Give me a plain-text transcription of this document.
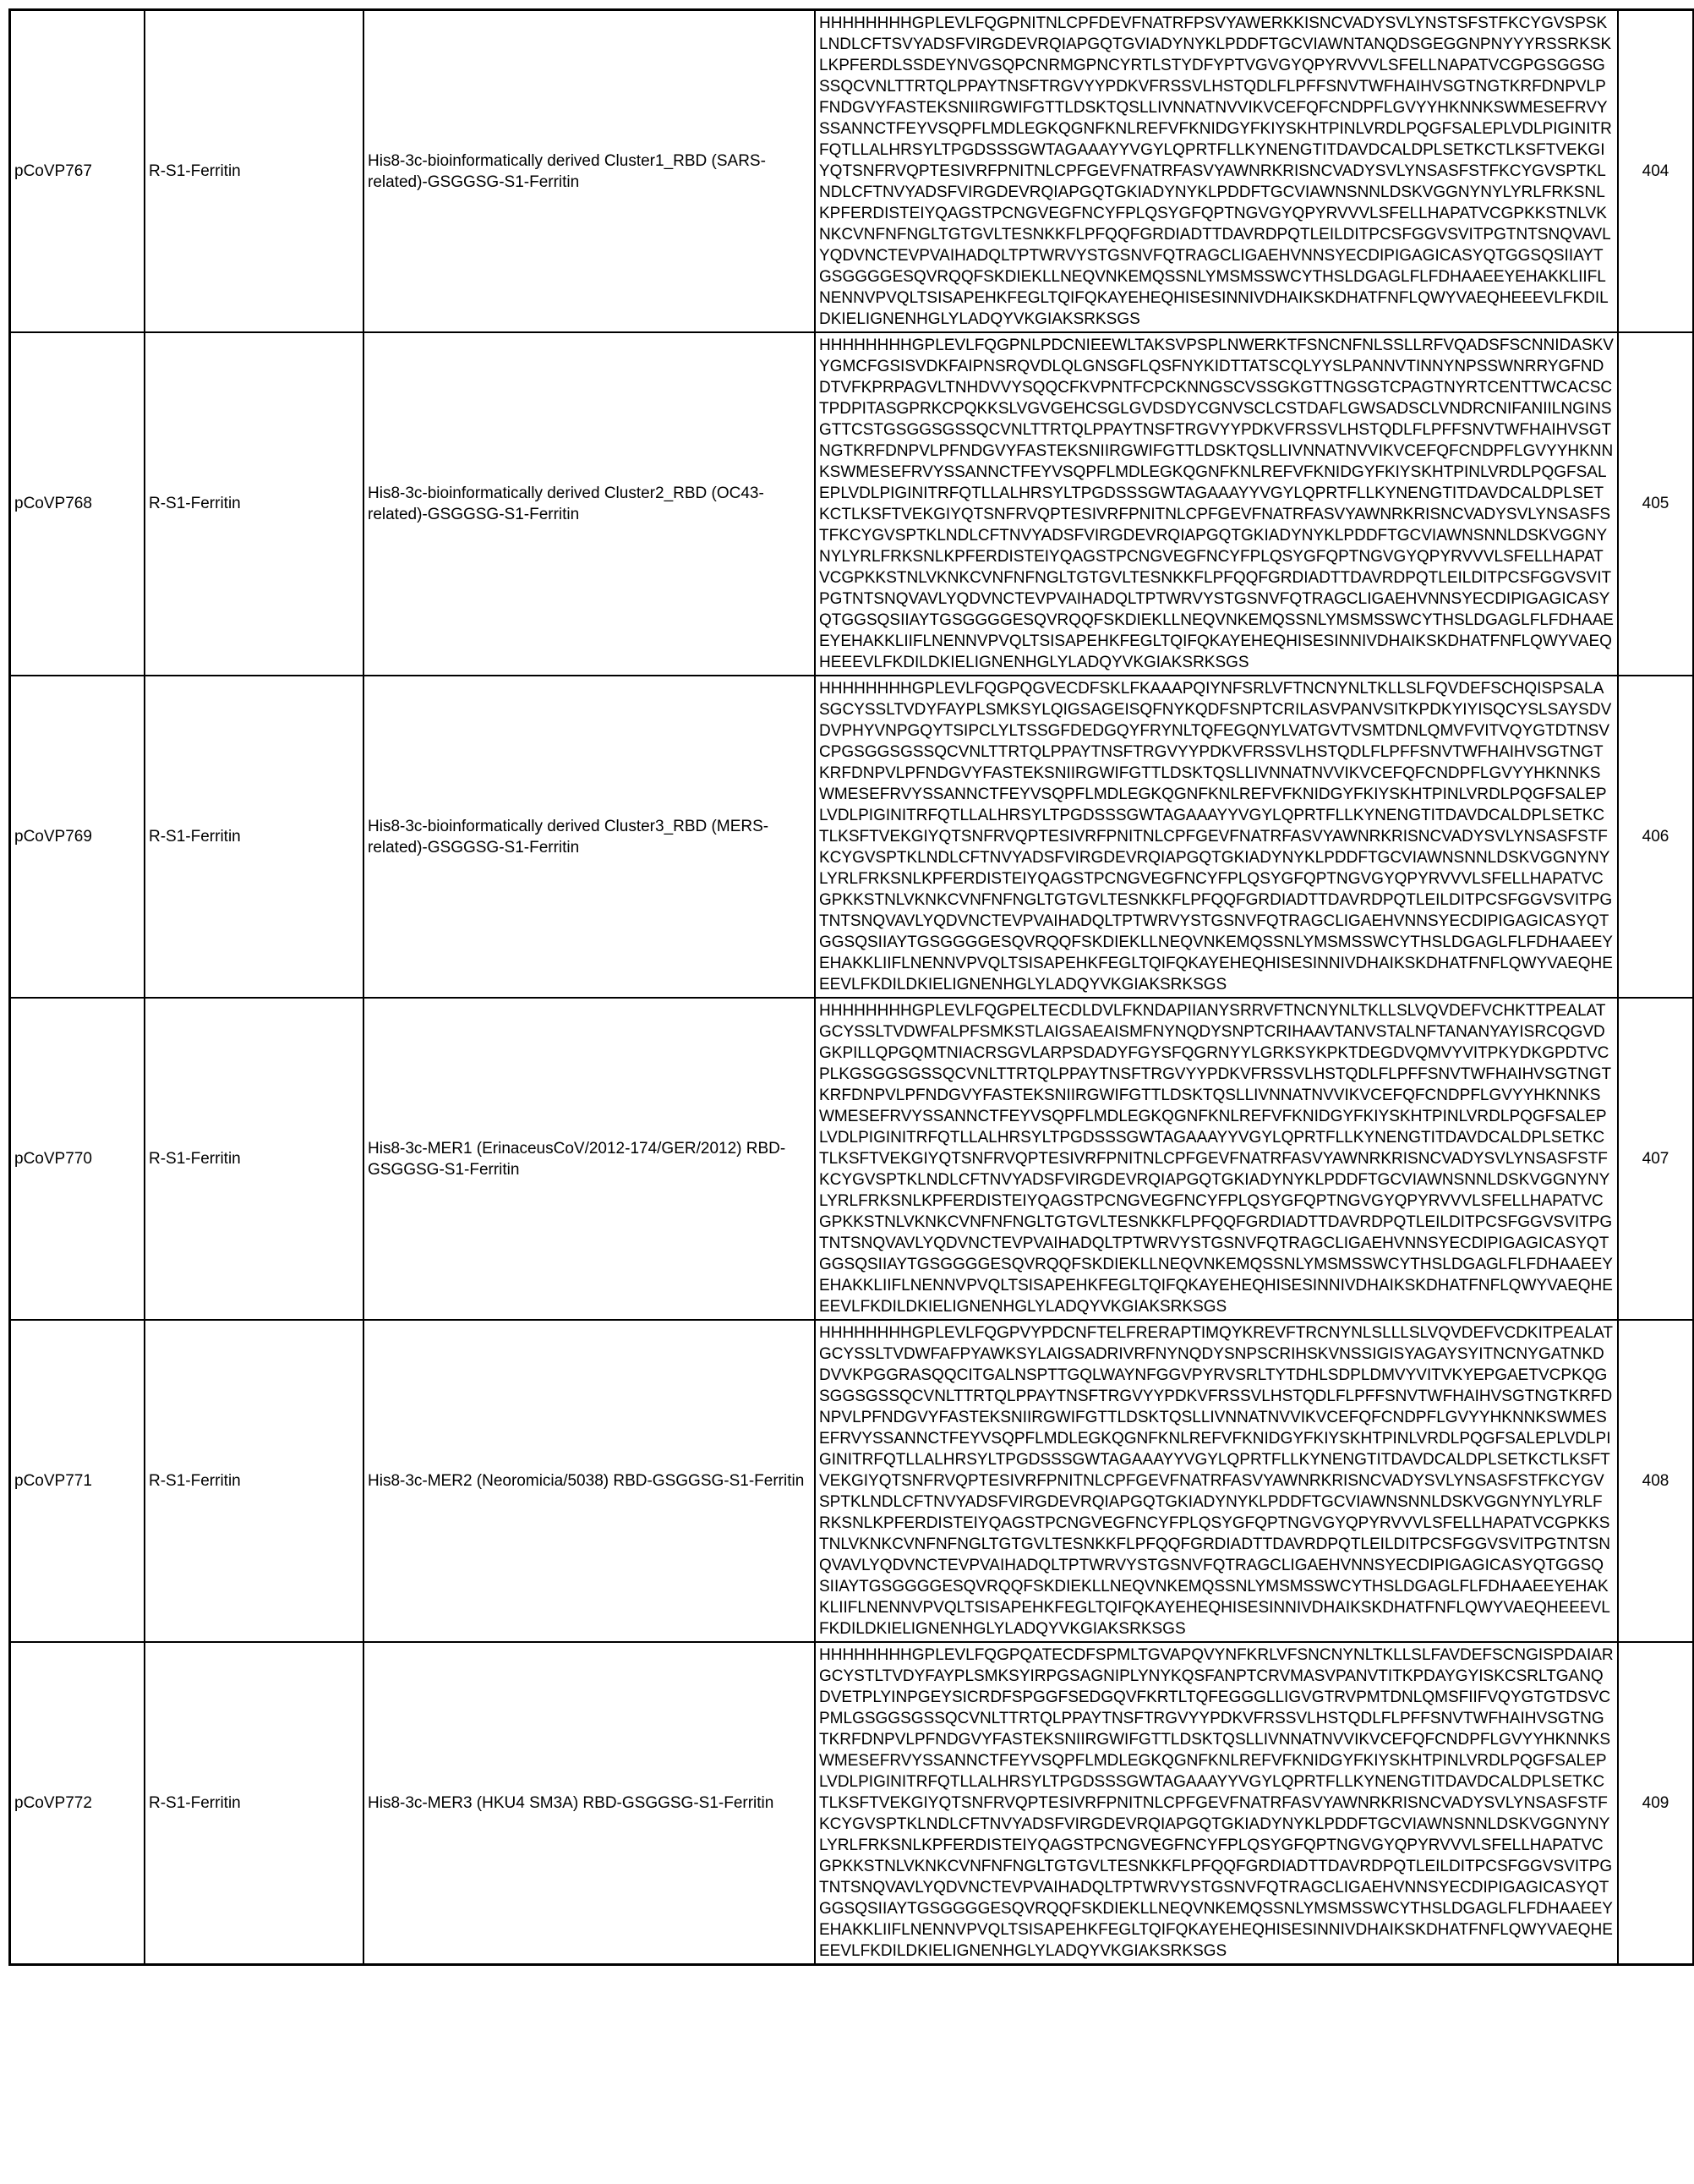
pCoVP767	R-S1-Ferritin	His8-3c-bioinformatically derived Cluster1_RBD (SARS-related)-GSGGSG-S1-Ferritin	HHHHHHHHGPLEVLFQGPNITNLCPFDEVFNATRFPSVYAWERKKISNCVADYSVLYNSTSFSTFKCYGVSPSKLNDLCFTSVYADSFVIRGDEVRQIAPGQTGVIADYNYKLPDDFTGCVIAWNTANQDSGEGGNPNYYYRSSRKSKLKPFERDLSSDEYNVGSQPCNRMGPNCYRTLSTYDFYPTVGVGYQPYRVVVLSFELLNAPATVCGPGSGGSGSSQCVNLTTRTQLPPAYTNSFTRGVYYPDKVFRSSVLHSTQDLFLPFFSNVTWFHAIHVSGTNGTKRFDNPVLPFNDGVYFASTEKSNIIRGWIFGTTLDSKTQSLLIVNNATNVVIKVCEFQFCNDPFLGVYYHKNNKSWMESEFRVYSSANNCTFEYVSQPFLMDLEGKQGNFKNLREFVFKNIDGYFKIYSKHTPINLVRDLPQGFSALEPLVDLPIGINITRFQTLLALHRSYLTPGDSSSGWTAGAAAYYVGYLQPRTFLLKYNENGTITDAVDCALDPLSETKCTLKSFTVEKGIYQTSNFRVQPTESIVRFPNITNLCPFGEVFNATRFASVYAWNRKRISNCVADYSVLYNSASFSTFKCYGVSPTKLNDLCFTNVYADSFVIRGDEVRQIAPGQTGKIADYNYKLPDDFTGCVIAWNSNNLDSKVGGNYNYLYRLFRKSNLKPFERDISTEIYQAGSTPCNGVEGFNCYFPLQSYGFQPTNGVGYQPYRVVVLSFELLHAPATVCGPKKSTNLVKNKCVNFNFNGLTGTGVLTESNKKFLPFQQFGRDIADTTDAVRDPQTLEILDITPCSFGGVSVITPGTNTSNQVAVLYQDVNCTEVPVAIHADQLTPTWRVYSTGSNVFQTRAGCLIGAEHVNNSYECDIPIGAGICASYQTGGSQSIIAYTGSGGGGESQVRQQFSKDIEKLLNEQVNKEMQSSNLYMSMSSWCYTHSLDGAGLFLFDHAAEEYEHAKKLIIFLNENNVPVQLTSISAPEHKFEGLTQIFQKAYEHEQHISESINNIVDHAIKSKDHATFNFLQWYVAEQHEEEVLFKDILDKIELIGNENHGLYLADQYVKGIAKSRKSGS	404
pCoVP768	R-S1-Ferritin	His8-3c-bioinformatically derived Cluster2_RBD (OC43-related)-GSGGSG-S1-Ferritin	HHHHHHHHGPLEVLFQGPNLPDCNIEEWLTAKSVPSPLNWERKTFSNCNFNLSSLLRFVQADSFSCNNIDASKVYGMCFGSISVDKFAIPNSRQVDLQLGNSGFLQSFNYKIDTTATSCQLYYSLPANNVTINNYNPSSWNRRYGFNDDTVFKPRPAGVLTNHDVVYSQQCFKVPNTFCPCKNNGSCVSSGKGTTNGSGTCPAGTNYRTCENTTWCACSCTPDPITASGPRKCPQKKSLVGVGEHCSGLGVDSDYCGNVSCLCSTDAFLGWSADSCLVNDRCNIFANIILNGINSGTTCSTGSGGSGSSQCVNLTTRTQLPPAYTNSFTRGVYYPDKVFRSSVLHSTQDLFLPFFSNVTWFHAIHVSGTNGTKRFDNPVLPFNDGVYFASTEKSNIIRGWIFGTTLDSKTQSLLIVNNATNVVIKVCEFQFCNDPFLGVYYHKNNKSWMESEFRVYSSANNCTFEYVSQPFLMDLEGKQGNFKNLREFVFKNIDGYFKIYSKHTPINLVRDLPQGFSALEPLVDLPIGINITRFQTLLALHRSYLTPGDSSSGWTAGAAAYYVGYLQPRTFLLKYNENGTITDAVDCALDPLSETKCTLKSFTVEKGIYQTSNFRVQPTESIVRFPNITNLCPFGEVFNATRFASVYAWNRKRISNCVADYSVLYNSASFSTFKCYGVSPTKLNDLCFTNVYADSFVIRGDEVRQIAPGQTGKIADYNYKLPDDFTGCVIAWNSNNLDSKVGGNYNYLYRLFRKSNLKPFERDISTEIYQAGSTPCNGVEGFNCYFPLQSYGFQPTNGVGYQPYRVVVLSFELLHAPATVCGPKKSTNLVKNKCVNFNFNGLTGTGVLTESNKKFLPFQQFGRDIADTTDAVRDPQTLEILDITPCSFGGVSVITPGTNTSNQVAVLYQDVNCTEVPVAIHADQLTPTWRVYSTGSNVFQTRAGCLIGAEHVNNSYECDIPIGAGICASYQTGGSQSIIAYTGSGGGGESQVRQQFSKDIEKLLNEQVNKEMQSSNLYMSMSSWCYTHSLDGAGLFLFDHAAEEYEHAKKLIIFLNENNVPVQLTSISAPEHKFEGLTQIFQKAYEHEQHISESINNIVDHAIKSKDHATFNFLQWYVAEQHEEEVLFKDILDKIELIGNENHGLYLADQYVKGIAKSRKSGS	405
pCoVP769	R-S1-Ferritin	His8-3c-bioinformatically derived Cluster3_RBD (MERS-related)-GSGGSG-S1-Ferritin	HHHHHHHHGPLEVLFQGPQGVECDFSKLFKAAAPQIYNFSRLVFTNCNYNLTKLLSLFQVDEFSCHQISPSALASGCYSSLTVDYFAYPLSMKSYLQIGSAGEISQFNYKQDFSNPTCRILASVPANVSITKPDKYIYISQCYSLSAYSDVDVPHYVNPGQYTSIPCLYLTSSGFDEDGQYFRYNLTQFEGQNYLVATGVTVSMTDNLQMVFVITVQYGTDTNSVCPGSGGSGSSQCVNLTTRTQLPPAYTNSFTRGVYYPDKVFRSSVLHSTQDLFLPFFSNVTWFHAIHVSGTNGTKRFDNPVLPFNDGVYFASTEKSNIIRGWIFGTTLDSKTQSLLIVNNATNVVIKVCEFQFCNDPFLGVYYHKNNKSWMESEFRVYSSANNCTFEYVSQPFLMDLEGKQGNFKNLREFVFKNIDGYFKIYSKHTPINLVRDLPQGFSALEPLVDLPIGINITRFQTLLALHRSYLTPGDSSSGWTAGAAAYYVGYLQPRTFLLKYNENGTITDAVDCALDPLSETKCTLKSFTVEKGIYQTSNFRVQPTESIVRFPNITNLCPFGEVFNATRFASVYAWNRKRISNCVADYSVLYNSASFSTFKCYGVSPTKLNDLCFTNVYADSFVIRGDEVRQIAPGQTGKIADYNYKLPDDFTGCVIAWNSNNLDSKVGGNYNYLYRLFRKSNLKPFERDISTEIYQAGSTPCNGVEGFNCYFPLQSYGFQPTNGVGYQPYRVVVLSFELLHAPATVCGPKKSTNLVKNKCVNFNFNGLTGTGVLTESNKKFLPFQQFGRDIADTTDAVRDPQTLEILDITPCSFGGVSVITPGTNTSNQVAVLYQDVNCTEVPVAIHADQLTPTWRVYSTGSNVFQTRAGCLIGAEHVNNSYECDIPIGAGICASYQTGGSQSIIAYTGSGGGGESQVRQQFSKDIEKLLNEQVNKEMQSSNLYMSMSSWCYTHSLDGAGLFLFDHAAEEYEHAKKLIIFLNENNVPVQLTSISAPEHKFEGLTQIFQKAYEHEQHISESINNIVDHAIKSKDHATFNFLQWYVAEQHEEEVLFKDILDKIELIGNENHGLYLADQYVKGIAKSRKSGS	406
pCoVP770	R-S1-Ferritin	His8-3c-MER1 (ErinaceusCoV/2012-174/GER/2012) RBD-GSGGSG-S1-Ferritin	HHHHHHHHGPLEVLFQGPELTECDLDVLFKNDAPIIANYSRRVFTNCNYNLTKLLSLVQVDEFVCHKTTPEALATGCYSSLTVDWFALPFSMKSTLAIGSAEAISMFNYNQDYSNPTCRIHAAVTANVSTALNFTANANYAYISRCQGVDGKPILLQPGQMTNIACRSGVLARPSDADYFGYSFQGRNYYLGRKSYKPKTDEGDVQMVYVITPKYDKGPDTVCPLKGSGGSGSSQCVNLTTRTQLPPAYTNSFTRGVYYPDKVFRSSVLHSTQDLFLPFFSNVTWFHAIHVSGTNGTKRFDNPVLPFNDGVYFASTEKSNIIRGWIFGTTLDSKTQSLLIVNNATNVVIKVCEFQFCNDPFLGVYYHKNNKSWMESEFRVYSSANNCTFEYVSQPFLMDLEGKQGNFKNLREFVFKNIDGYFKIYSKHTPINLVRDLPQGFSALEPLVDLPIGINITRFQTLLALHRSYLTPGDSSSGWTAGAAAYYVGYLQPRTFLLKYNENGTITDAVDCALDPLSETKCTLKSFTVEKGIYQTSNFRVQPTESIVRFPNITNLCPFGEVFNATRFASVYAWNRKRISNCVADYSVLYNSASFSTFKCYGVSPTKLNDLCFTNVYADSFVIRGDEVRQIAPGQTGKIADYNYKLPDDFTGCVIAWNSNNLDSKVGGNYNYLYRLFRKSNLKPFERDISTEIYQAGSTPCNGVEGFNCYFPLQSYGFQPTNGVGYQPYRVVVLSFELLHAPATVCGPKKSTNLVKNKCVNFNFNGLTGTGVLTESNKKFLPFQQFGRDIADTTDAVRDPQTLEILDITPCSFGGVSVITPGTNTSNQVAVLYQDVNCTEVPVAIHADQLTPTWRVYSTGSNVFQTRAGCLIGAEHVNNSYECDIPIGAGICASYQTGGSQSIIAYTGSGGGGESQVRQQFSKDIEKLLNEQVNKEMQSSNLYMSMSSWCYTHSLDGAGLFLFDHAAEEYEHAKKLIIFLNENNVPVQLTSISAPEHKFEGLTQIFQKAYEHEQHISESINNIVDHAIKSKDHATFNFLQWYVAEQHEEEVLFKDILDKIELIGNENHGLYLADQYVKGIAKSRKSGS	407
pCoVP771	R-S1-Ferritin	His8-3c-MER2 (Neoromicia/5038) RBD-GSGGSG-S1-Ferritin	HHHHHHHHGPLEVLFQGPVYPDCNFTELFRERAPTIMQYKREVFTRCNYNLSLLLSLVQVDEFVCDKITPEALATGCYSSLTVDWFAFPYAWKSYLAIGSADRIVRFNYNQDYSNPSCRIHSKVNSSIGISYAGAYSYITNCNYGATNKDDVVKPGGRASQQCITGALNSPTTGQLWAYNFGGVPYRVSRLTYTDHLSDPLDMVYVITVKYEPGAETVCPKQGSGGSGSSQCVNLTTRTQLPPAYTNSFTRGVYYPDKVFRSSVLHSTQDLFLPFFSNVTWFHAIHVSGTNGTKRFDNPVLPFNDGVYFASTEKSNIIRGWIFGTTLDSKTQSLLIVNNATNVVIKVCEFQFCNDPFLGVYYHKNNKSWMESEFRVYSSANNCTFEYVSQPFLMDLEGKQGNFKNLREFVFKNIDGYFKIYSKHTPINLVRDLPQGFSALEPLVDLPIGINITRFQTLLALHRSYLTPGDSSSGWTAGAAAYYVGYLQPRTFLLKYNENGTITDAVDCALDPLSETKCTLKSFTVEKGIYQTSNFRVQPTESIVRFPNITNLCPFGEVFNATRFASVYAWNRKRISNCVADYSVLYNSASFSTFKCYGVSPTKLNDLCFTNVYADSFVIRGDEVRQIAPGQTGKIADYNYKLPDDFTGCVIAWNSNNLDSKVGGNYNYLYRLFRKSNLKPFERDISTEIYQAGSTPCNGVEGFNCYFPLQSYGFQPTNGVGYQPYRVVVLSFELLHAPATVCGPKKSTNLVKNKCVNFNFNGLTGTGVLTESNKKFLPFQQFGRDIADTTDAVRDPQTLEILDITPCSFGGVSVITPGTNTSNQVAVLYQDVNCTEVPVAIHADQLTPTWRVYSTGSNVFQTRAGCLIGAEHVNNSYECDIPIGAGICASYQTGGSQSIIAYTGSGGGGESQVRQQFSKDIEKLLNEQVNKEMQSSNLYMSMSSWCYTHSLDGAGLFLFDHAAEEYEHAKKLIIFLNENNVPVQLTSISAPEHKFEGLTQIFQKAYEHEQHISESINNIVDHAIKSKDHATFNFLQWYVAEQHEEEVLFKDILDKIELIGNENHGLYLADQYVKGIAKSRKSGS	408
pCoVP772	R-S1-Ferritin	His8-3c-MER3 (HKU4 SM3A) RBD-GSGGSG-S1-Ferritin	HHHHHHHHGPLEVLFQGPQATECDFSPMLTGVAPQVYNFKRLVFSNCNYNLTKLLSLFAVDEFSCNGISPDAIARGCYSTLTVDYFAYPLSMKSYIRPGSAGNIPLYNYKQSFANPTCRVMASVPANVTITKPDAYGYISKCSRLTGANQDVETPLYINPGEYSICRDFSPGGFSEDGQVFKRTLTQFEGGGLLIGVGTRVPMTDNLQMSFIIFVQYGTGTDSVCPMLGSGGSGSSQCVNLTTRTQLPPAYTNSFTRGVYYPDKVFRSSVLHSTQDLFLPFFSNVTWFHAIHVSGTNGTKRFDNPVLPFNDGVYFASTEKSNIIRGWIFGTTLDSKTQSLLIVNNATNVVIKVCEFQFCNDPFLGVYYHKNNKSWMESEFRVYSSANNCTFEYVSQPFLMDLEGKQGNFKNLREFVFKNIDGYFKIYSKHTPINLVRDLPQGFSALEPLVDLPIGINITRFQTLLALHRSYLTPGDSSSGWTAGAAAYYVGYLQPRTFLLKYNENGTITDAVDCALDPLSETKCTLKSFTVEKGIYQTSNFRVQPTESIVRFPNITNLCPFGEVFNATRFASVYAWNRKRISNCVADYSVLYNSASFSTFKCYGVSPTKLNDLCFTNVYADSFVIRGDEVRQIAPGQTGKIADYNYKLPDDFTGCVIAWNSNNLDSKVGGNYNYLYRLFRKSNLKPFERDISTEIYQAGSTPCNGVEGFNCYFPLQSYGFQPTNGVGYQPYRVVVLSFELLHAPATVCGPKKSTNLVKNKCVNFNFNGLTGTGVLTESNKKFLPFQQFGRDIADTTDAVRDPQTLEILDITPCSFGGVSVITPGTNTSNQVAVLYQDVNCTEVPVAIHADQLTPTWRVYSTGSNVFQTRAGCLIGAEHVNNSYECDIPIGAGICASYQTGGSQSIIAYTGSGGGGESQVRQQFSKDIEKLLNEQVNKEMQSSNLYMSMSSWCYTHSLDGAGLFLFDHAAEEYEHAKKLIIFLNENNVPVQLTSISAPEHKFEGLTQIFQKAYEHEQHISESINNIVDHAIKSKDHATFNFLQWYVAEQHEEEVLFKDILDKIELIGNENHGLYLADQYVKGIAKSRKSGS	409
